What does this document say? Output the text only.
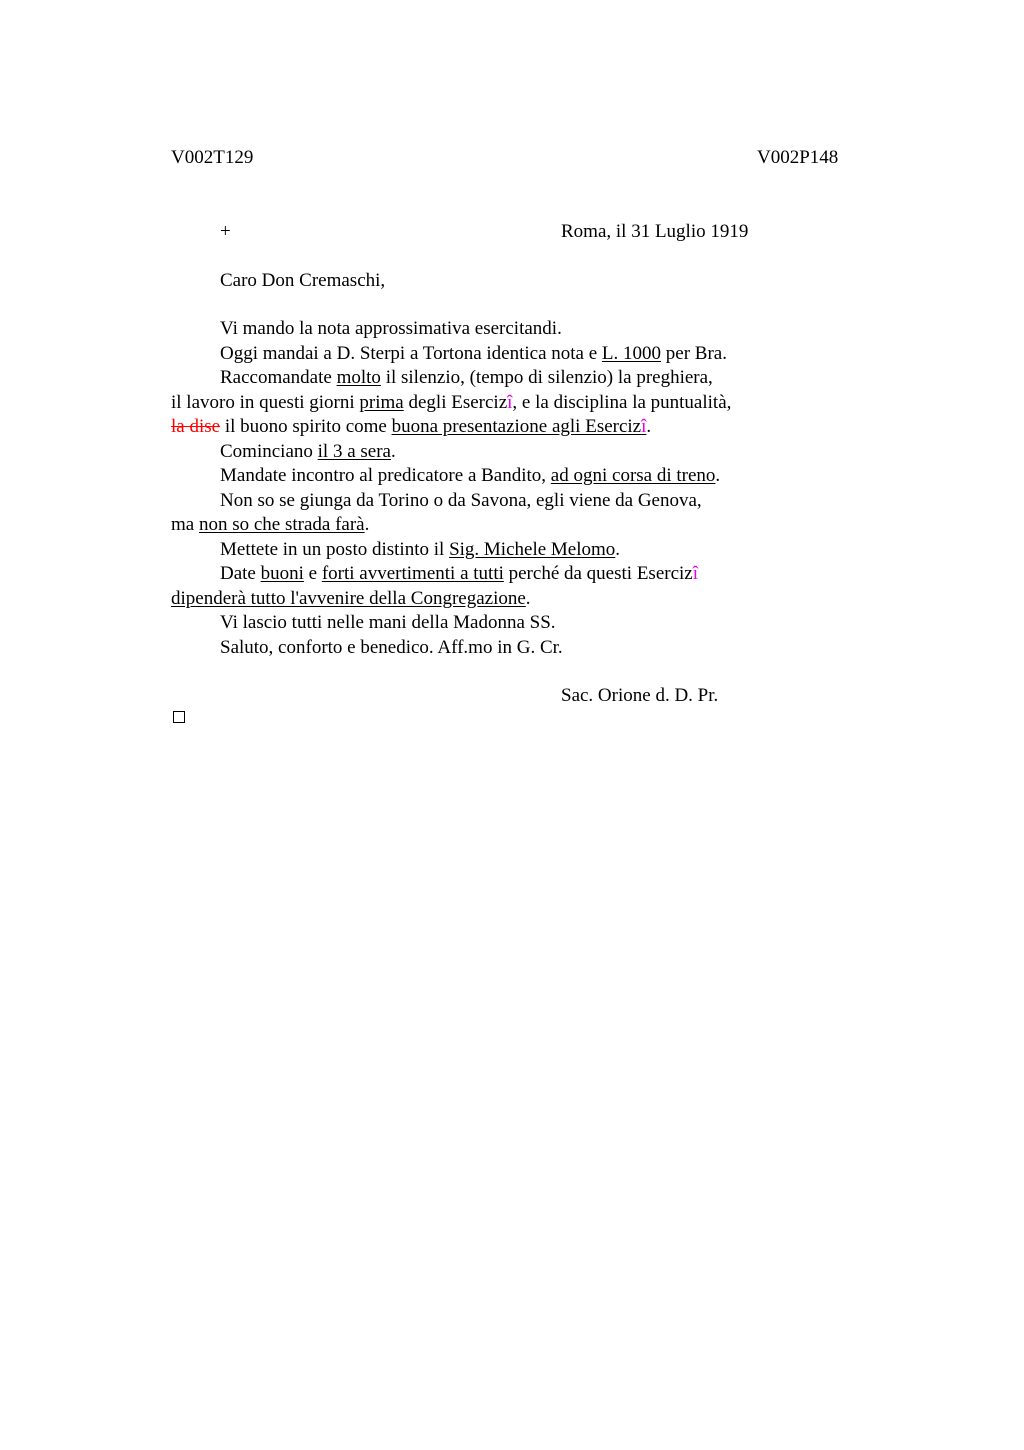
V002T129	V002P148
+	Roma, il 31 Luglio 1919
Caro Don Cremaschi,
Vi mando la nota approssimativa esercitandi.
Oggi mandai a D. Sterpi a Tortona identica nota e L. 1000 per Bra.
Raccomandate molto il silenzio, (tempo di silenzio) la preghiera,
il lavoro in questi giorni prima degli Esercizî, e la disciplina la puntualità,
la dise il buono spirito come buona presentazione agli Esercizî.
Cominciano il 3 a sera.
Mandate incontro al predicatore a Bandito, ad ogni corsa di treno.
Non so se giunga da Torino o da Savona, egli viene da Genova,
ma non so che strada farà.
Mettete in un posto distinto il Sig. Michele Melomo.
Date buoni e forti avvertimenti a tutti perché da questi Esercizî
dipenderà tutto l'avvenire della Congregazione.
Vi lascio tutti nelle mani della Madonna SS.
Saluto, conforto e benedico. Aff.mo in G. Cr.
Sac. Orione d. D. Pr.
